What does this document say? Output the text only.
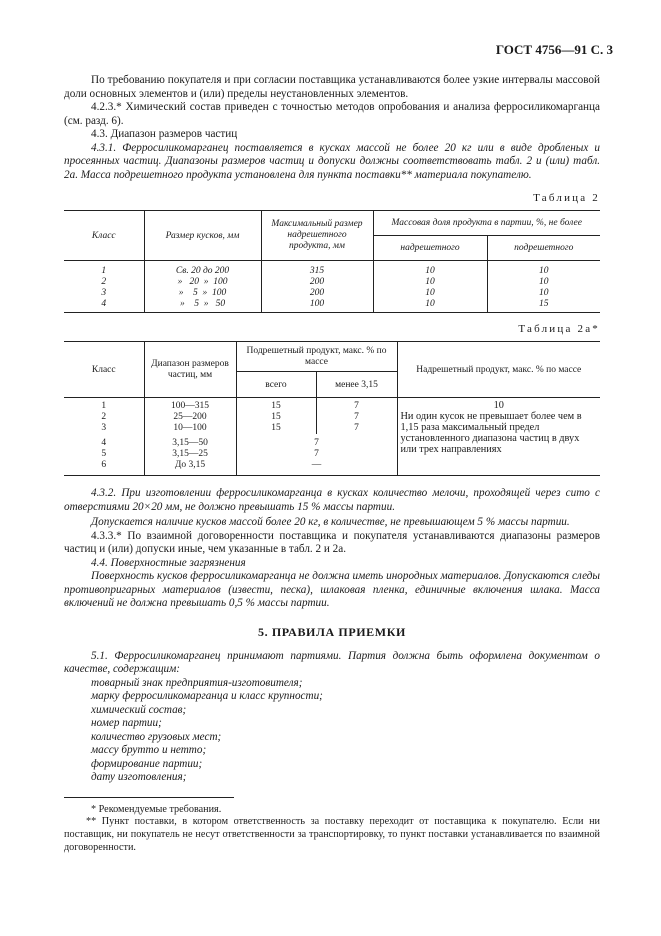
ГОСТ 4756—91 С. 3

По требованию покупателя и при согласии поставщика устанавливаются более узкие интервалы массовой доли основных элементов и (или) пределы неустановленных элементов.

4.2.3.* Химический состав приведен с точностью методов опробования и анализа ферросиликомарганца (см. разд. 6).

4.3. Диапазон размеров частиц

4.3.1. Ферросиликомарганец поставляется в кусках массой не более 20 кг или в виде дробленых и просеянных частиц. Диапазоны размеров частиц и допуски должны соответствовать табл. 2 и (или) табл. 2а. Масса подрешетного продукта установлена для пункта поставки** материала покупателю.

Таблица 2
Класс	Размер кусков, мм	Максимальный размер надрешетного продукта, мм	Массовая доля продукта в партии, %, не более	
			надрешетного	подрешетного
1	Св. 20 до 200	315	10	10
2	»   20  »  100	200	10	10
3	»    5  »  100	200	10	10
4	»    5  »   50	100	10	15
Таблица 2а*
Класс	Диапазон размеров частиц, мм	Подрешетный продукт, макс. % по массе		Надрешетный продукт, макс. % по массе
		всего	менее 3,15	
1	100—315	15	7	10
Ни один кусок не превышает более чем в 1,15 раза максимальный предел установленного диапазона частиц в двух или трех направлениях

2	25—200	15	7	
3	10—100	15	7	
4	3,15—50	7		
5	3,15—25	7		
6	До 3,15	—		

4.3.2. При изготовлении ферросиликомарганца в кусках количество мелочи, проходящей через сито с отверстиями 20×20 мм, не должно превышать 15 % массы партии.

Допускается наличие кусков массой более 20 кг, в количестве, не превышающем 5 % массы партии.

4.3.3.* По взаимной договоренности поставщика и покупателя устанавливаются диапазоны размеров частиц и (или) допуски иные, чем указанные в табл. 2 и 2а.

4.4. Поверхностные загрязнения

Поверхность кусков ферросиликомарганца не должна иметь инородных материалов. Допускаются следы противопригарных материалов (извести, песка), шлаковая пленка, единичные включения шлака. Масса включений не должна превышать 0,5 % массы партии.

5. ПРАВИЛА ПРИЕМКИ

5.1. Ферросиликомарганец принимают партиями. Партия должна быть оформлена документом о качестве, содержащим:

товарный знак предприятия-изготовителя;

марку ферросиликомарганца и класс крупности;

химический состав;

номер партии;

количество грузовых мест;

массу брутто и нетто;

формирование партии;

дату изготовления;

* Рекомендуемые требования.

** Пункт поставки, в котором ответственность за поставку переходит от поставщика к покупателю. Если ни поставщик, ни покупатель не несут ответственности за транспортировку, то пункт поставки устанавливается по взаимной договоренности.
